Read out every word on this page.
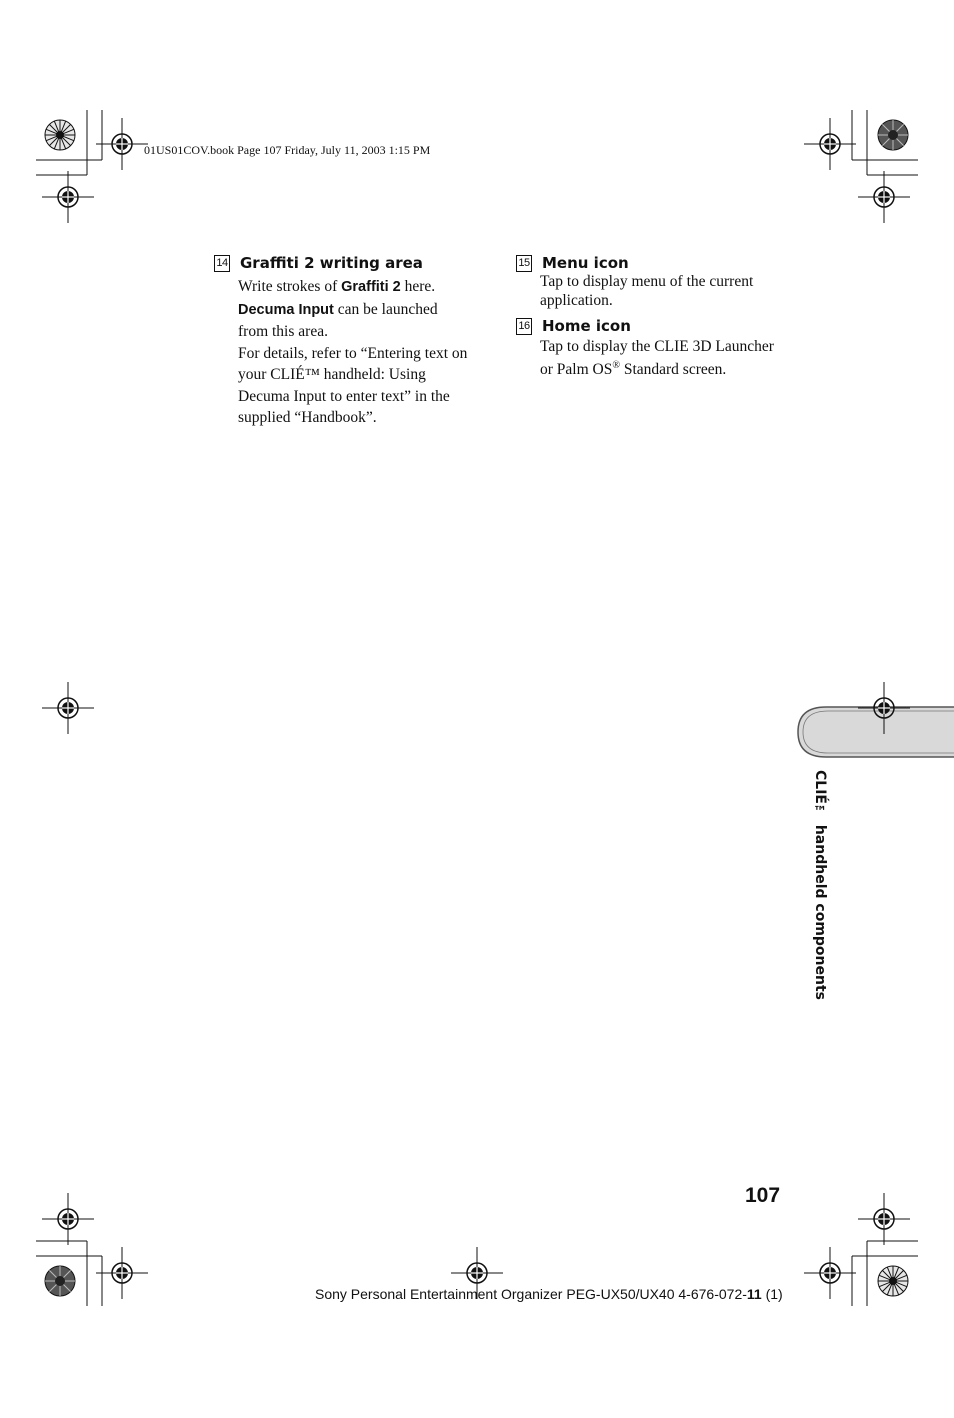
01US01COV.book Page 107 Friday, July 11, 2003 1:15 PM
14 Graffiti 2 writing area
Write strokes of Graffiti 2 here.
Decuma Input can be launched
from this area.
For details, refer to “Entering text on
your CLIÉ™ handheld: Using
Decuma Input to enter text” in the
supplied “Handbook”.
15 Menu icon
Tap to display menu of the current
application.
16 Home icon
Tap to display the CLIE 3D Launcher
or Palm OS® Standard screen.
CLIÉ™ handheld components
107
Sony Personal Entertainment Organizer PEG-UX50/UX40 4-676-072-11 (1)
